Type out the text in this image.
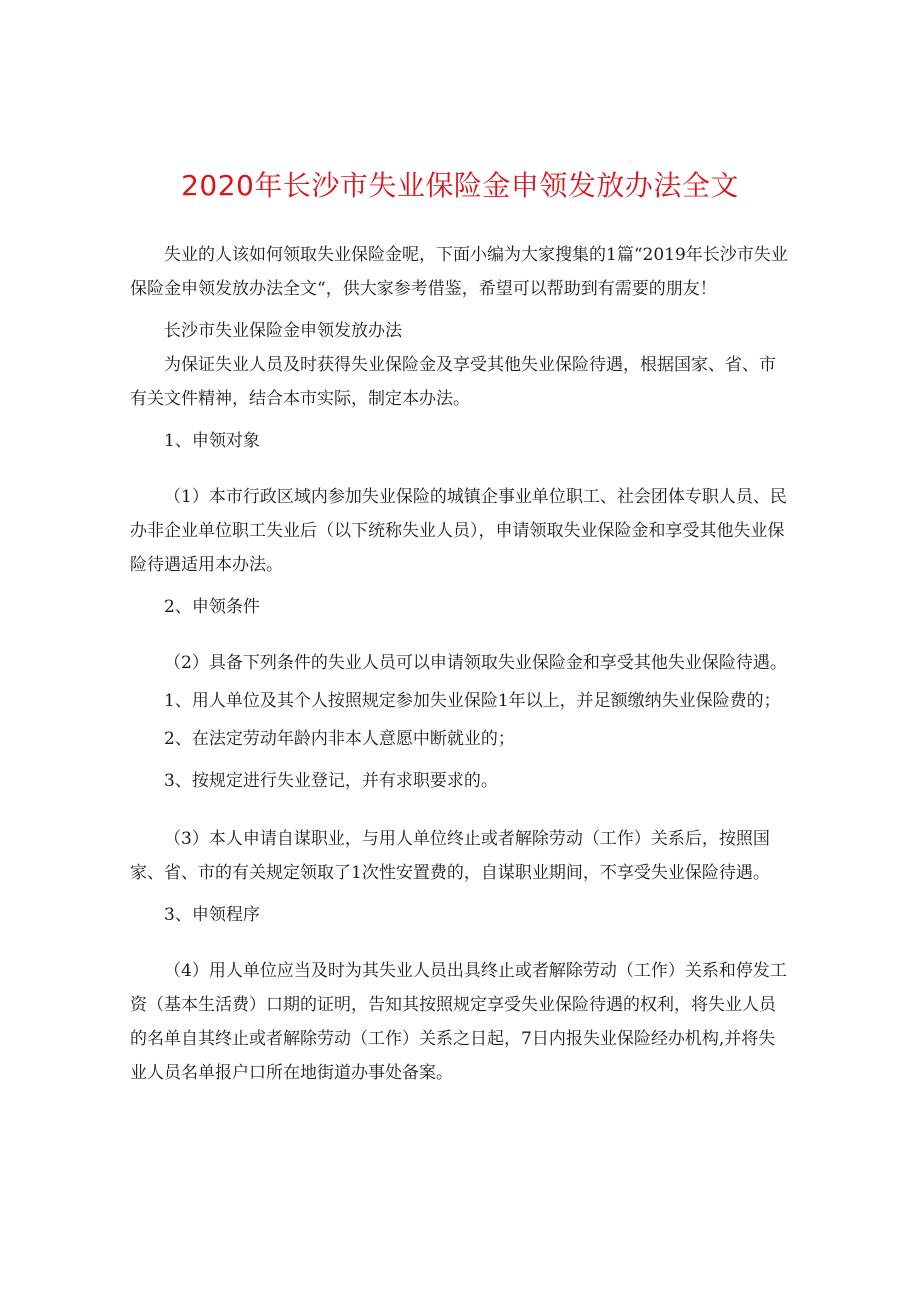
2020年长沙市失业保险金申领发放办法全文

失业的人该如何领取失业保险金呢，下面小编为大家搜集的1篇“2019年长沙市失业保险金申领发放办法全文“，供大家参考借鉴，希望可以帮助到有需要的朋友！

长沙市失业保险金申领发放办法

为保证失业人员及时获得失业保险金及享受其他失业保险待遇，根据国家、省、市有关文件精神，结合本市实际，制定本办法。

1、申领对象

（1）本市行政区域内参加失业保险的城镇企事业单位职工、社会团体专职人员、民办非企业单位职工失业后（以下统称失业人员），申请领取失业保险金和享受其他失业保险待遇适用本办法。

2、申领条件

（2）具备下列条件的失业人员可以申请领取失业保险金和享受其他失业保险待遇。

1、用人单位及其个人按照规定参加失业保险1年以上，并足额缴纳失业保险费的；

2、在法定劳动年龄内非本人意愿中断就业的；

3、按规定进行失业登记，并有求职要求的。

（3）本人申请自谋职业，与用人单位终止或者解除劳动（工作）关系后，按照国家、省、市的有关规定领取了1次性安置费的，自谋职业期间，不享受失业保险待遇。

3、申领程序

（4）用人单位应当及时为其失业人员出具终止或者解除劳动（工作）关系和停发工资（基本生活费）口期的证明，告知其按照规定享受失业保险待遇的权利，将失业人员的名单自其终止或者解除劳动（工作）关系之日起，7日内报失业保险经办机构,并将失业人员名单报户口所在地街道办事处备案。
